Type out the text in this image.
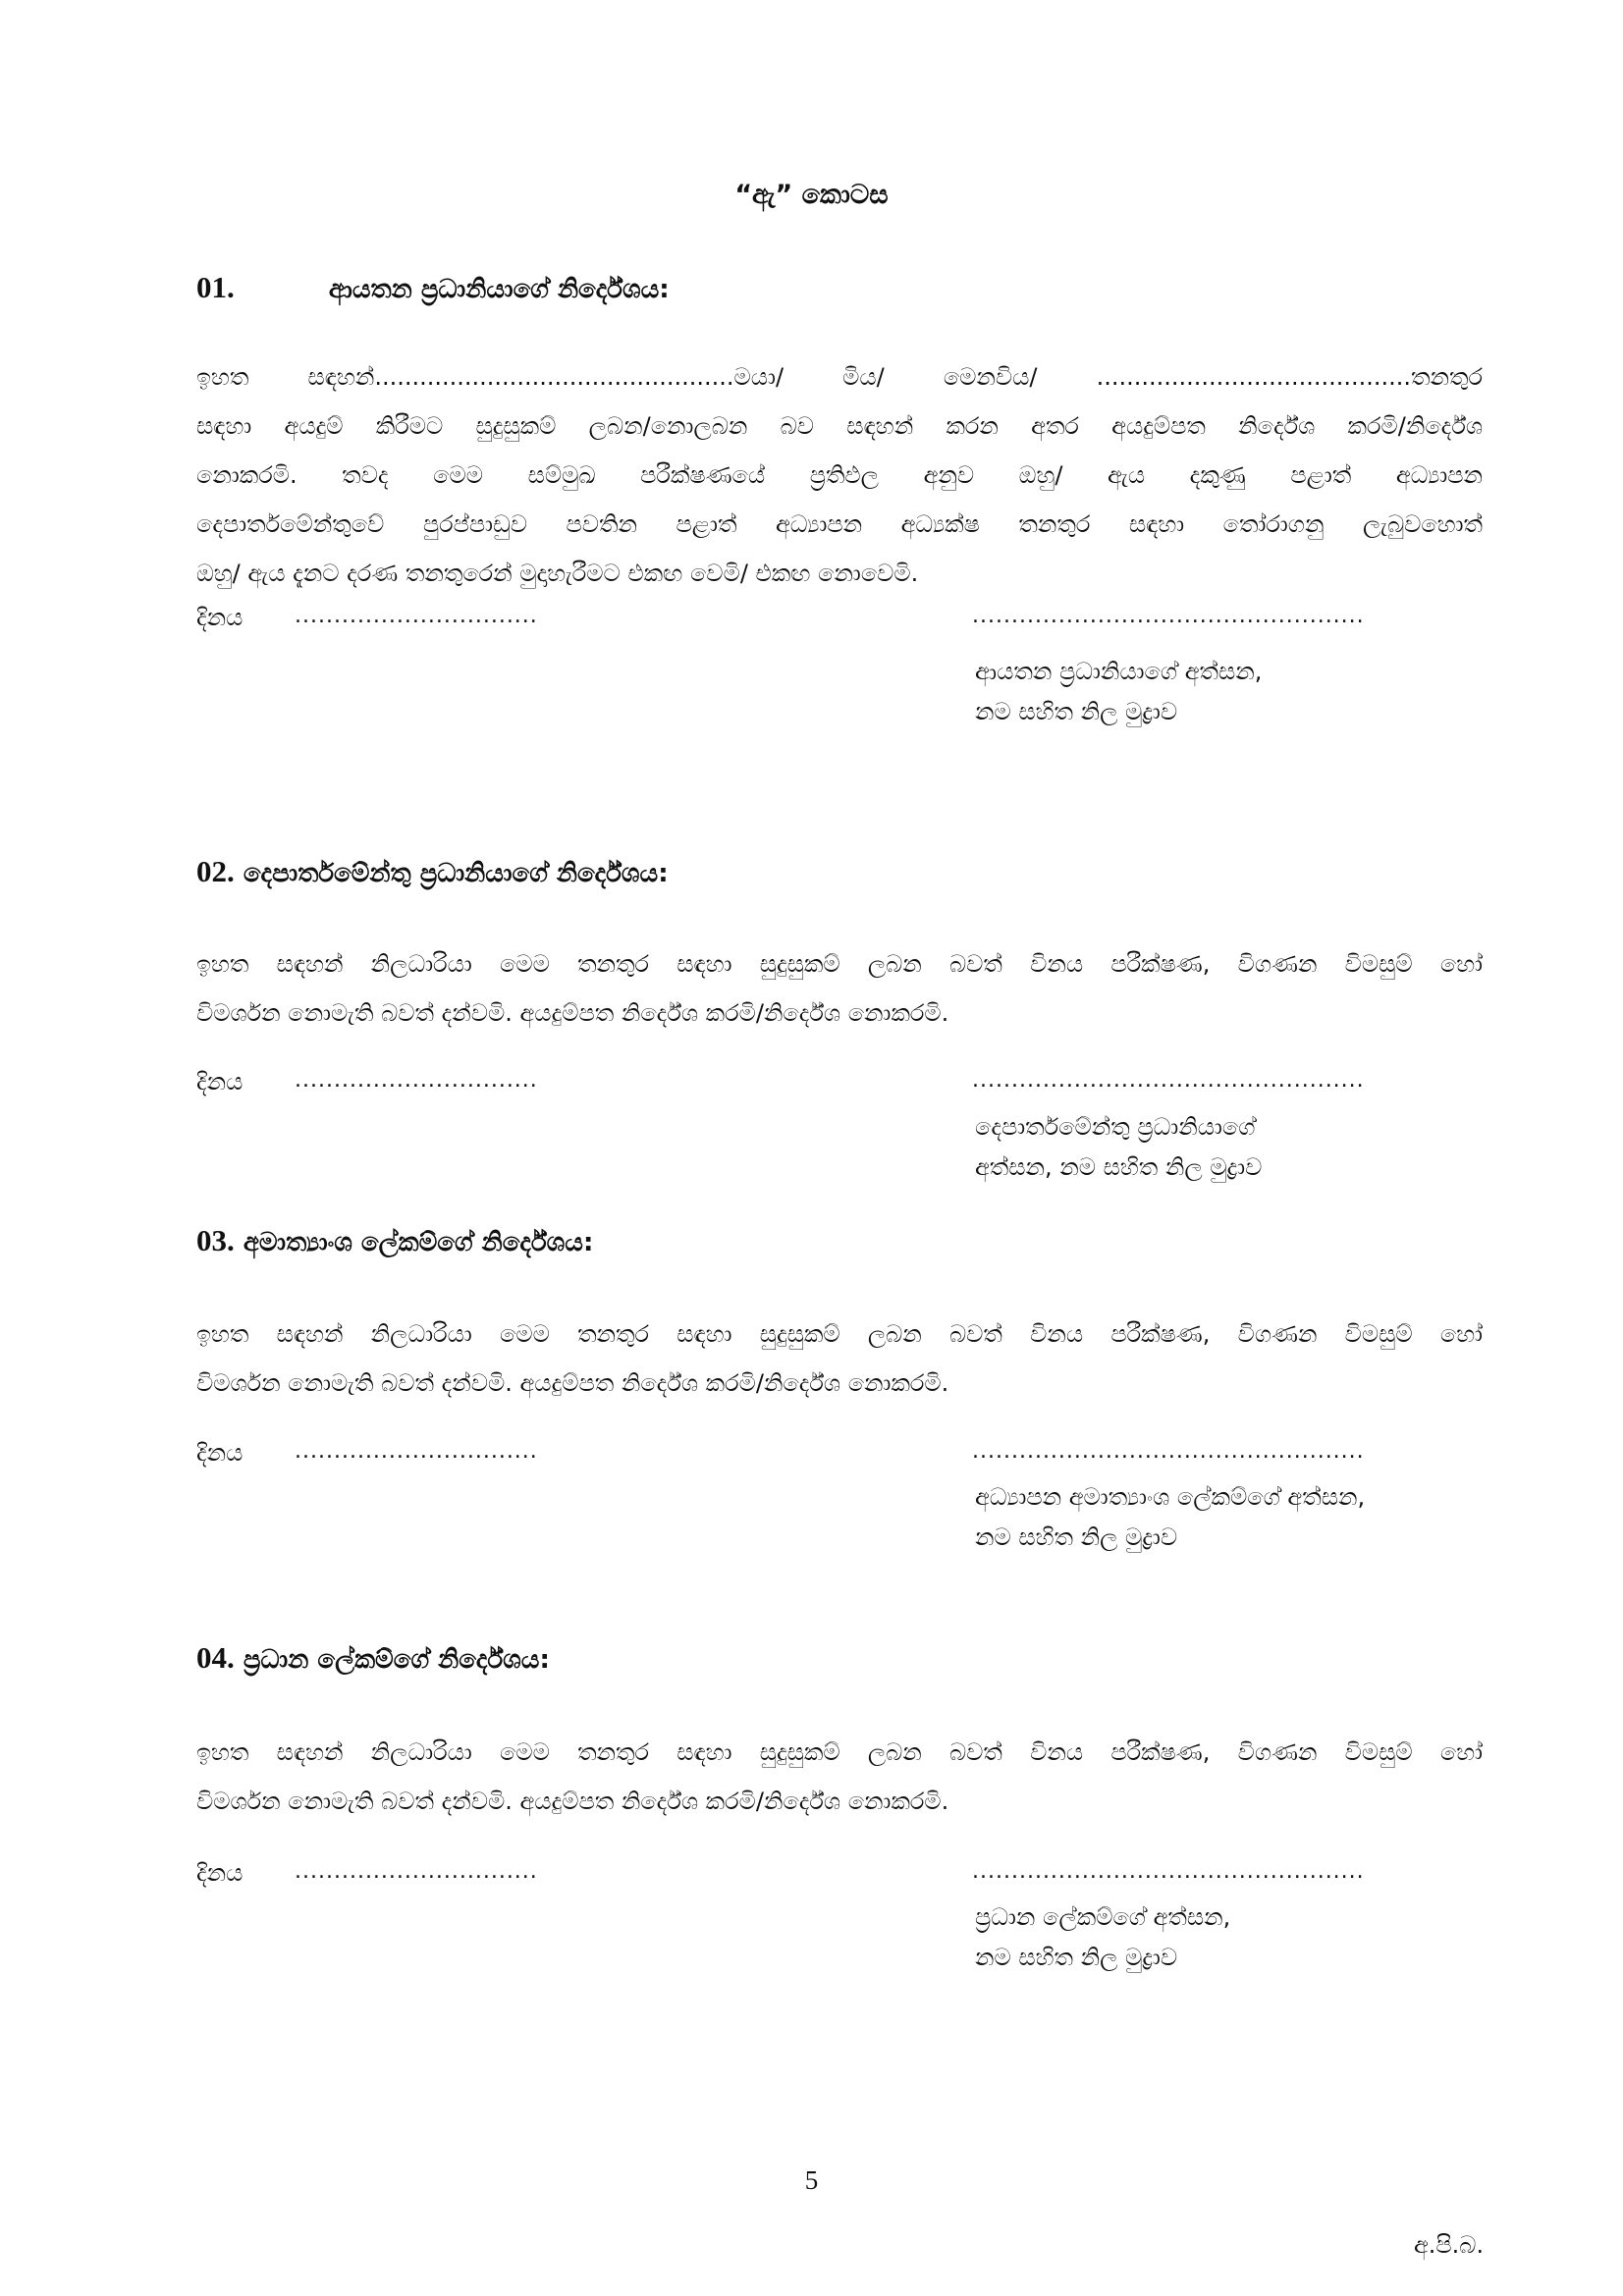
“ඇ” කොටස
01.	ආයතන ප්‍රධානියාගේ නිර්දේශය:
ඉහත සඳහන්................................................මයා/ මිය/ මෙනවිය/ ..........................................තනතුර
සඳහා අයදුම් කිරීමට සුදුසුකම් ලබන/නොලබන බව සඳහන් කරන අතර අයදුම්පත නිර්දේශ කරමි/නිර්දේශ
නොකරමි. තවද මෙම සම්මුඛ පරීක්ෂණයේ ප්‍රතිඵල අනුව ඔහු/ ඇය දකුණු පළාත් අධ්‍යාපන
දෙපාර්තමේන්තුවේ පුරප්පාඩුව පවතින පළාත් අධ්‍යාපන අධ්‍යක්ෂ තනතුර සඳහා තෝරාගනු ලැබුවහොත්
ඔහු/ ඇය දැනට දරණ තනතුරෙන් මුදාහැරීමට එකඟ වෙමි/ එකඟ නොවෙමි.
දිනය ...............................	..................................................
ආයතන ප්‍රධානියාගේ අත්සන,
නම සහිත නිල මුද්‍රාව
02. දෙපාර්තමේන්තු ප්‍රධානියාගේ නිර්දේශය:
ඉහත සඳහන් නිලධාරියා මෙම තනතුර සඳහා සුදුසුකම් ලබන බවත් විනය පරීක්ෂණ, විගණන විමසුම් හෝ
විමර්ශන නොමැති බවත් දන්වමි. අයදුම්පත නිර්දේශ කරමි/නිර්දේශ නොකරමි.
දිනය ...............................	..................................................
දෙපාර්තමේන්තු ප්‍රධානියාගේ
අත්සන, නම සහිත නිල මුද්‍රාව
03. අමාත්‍යාංශ ලේකම්ගේ නිර්දේශය:
ඉහත සඳහන් නිලධාරියා මෙම තනතුර සඳහා සුදුසුකම් ලබන බවත් විනය පරීක්ෂණ, විගණන විමසුම් හෝ
විමර්ශන නොමැති බවත් දන්වමි. අයදුම්පත නිර්දේශ කරමි/නිර්දේශ නොකරමි.
දිනය ...............................	..................................................
අධ්‍යාපන අමාත්‍යාංශ ලේකම්ගේ අත්සන,
නම සහිත නිල මුද්‍රාව
04. ප්‍රධාන ලේකම්ගේ නිර්දේශය:
ඉහත සඳහන් නිලධාරියා මෙම තනතුර සඳහා සුදුසුකම් ලබන බවත් විනය පරීක්ෂණ, විගණන විමසුම් හෝ
විමර්ශන නොමැති බවත් දන්වමි. අයදුම්පත නිර්දේශ කරමි/නිර්දේශ නොකරමි.
දිනය ...............................	..................................................
ප්‍රධාන ලේකම්ගේ අත්සන,
නම සහිත නිල මුද්‍රාව
5
අ.පි.බ.
